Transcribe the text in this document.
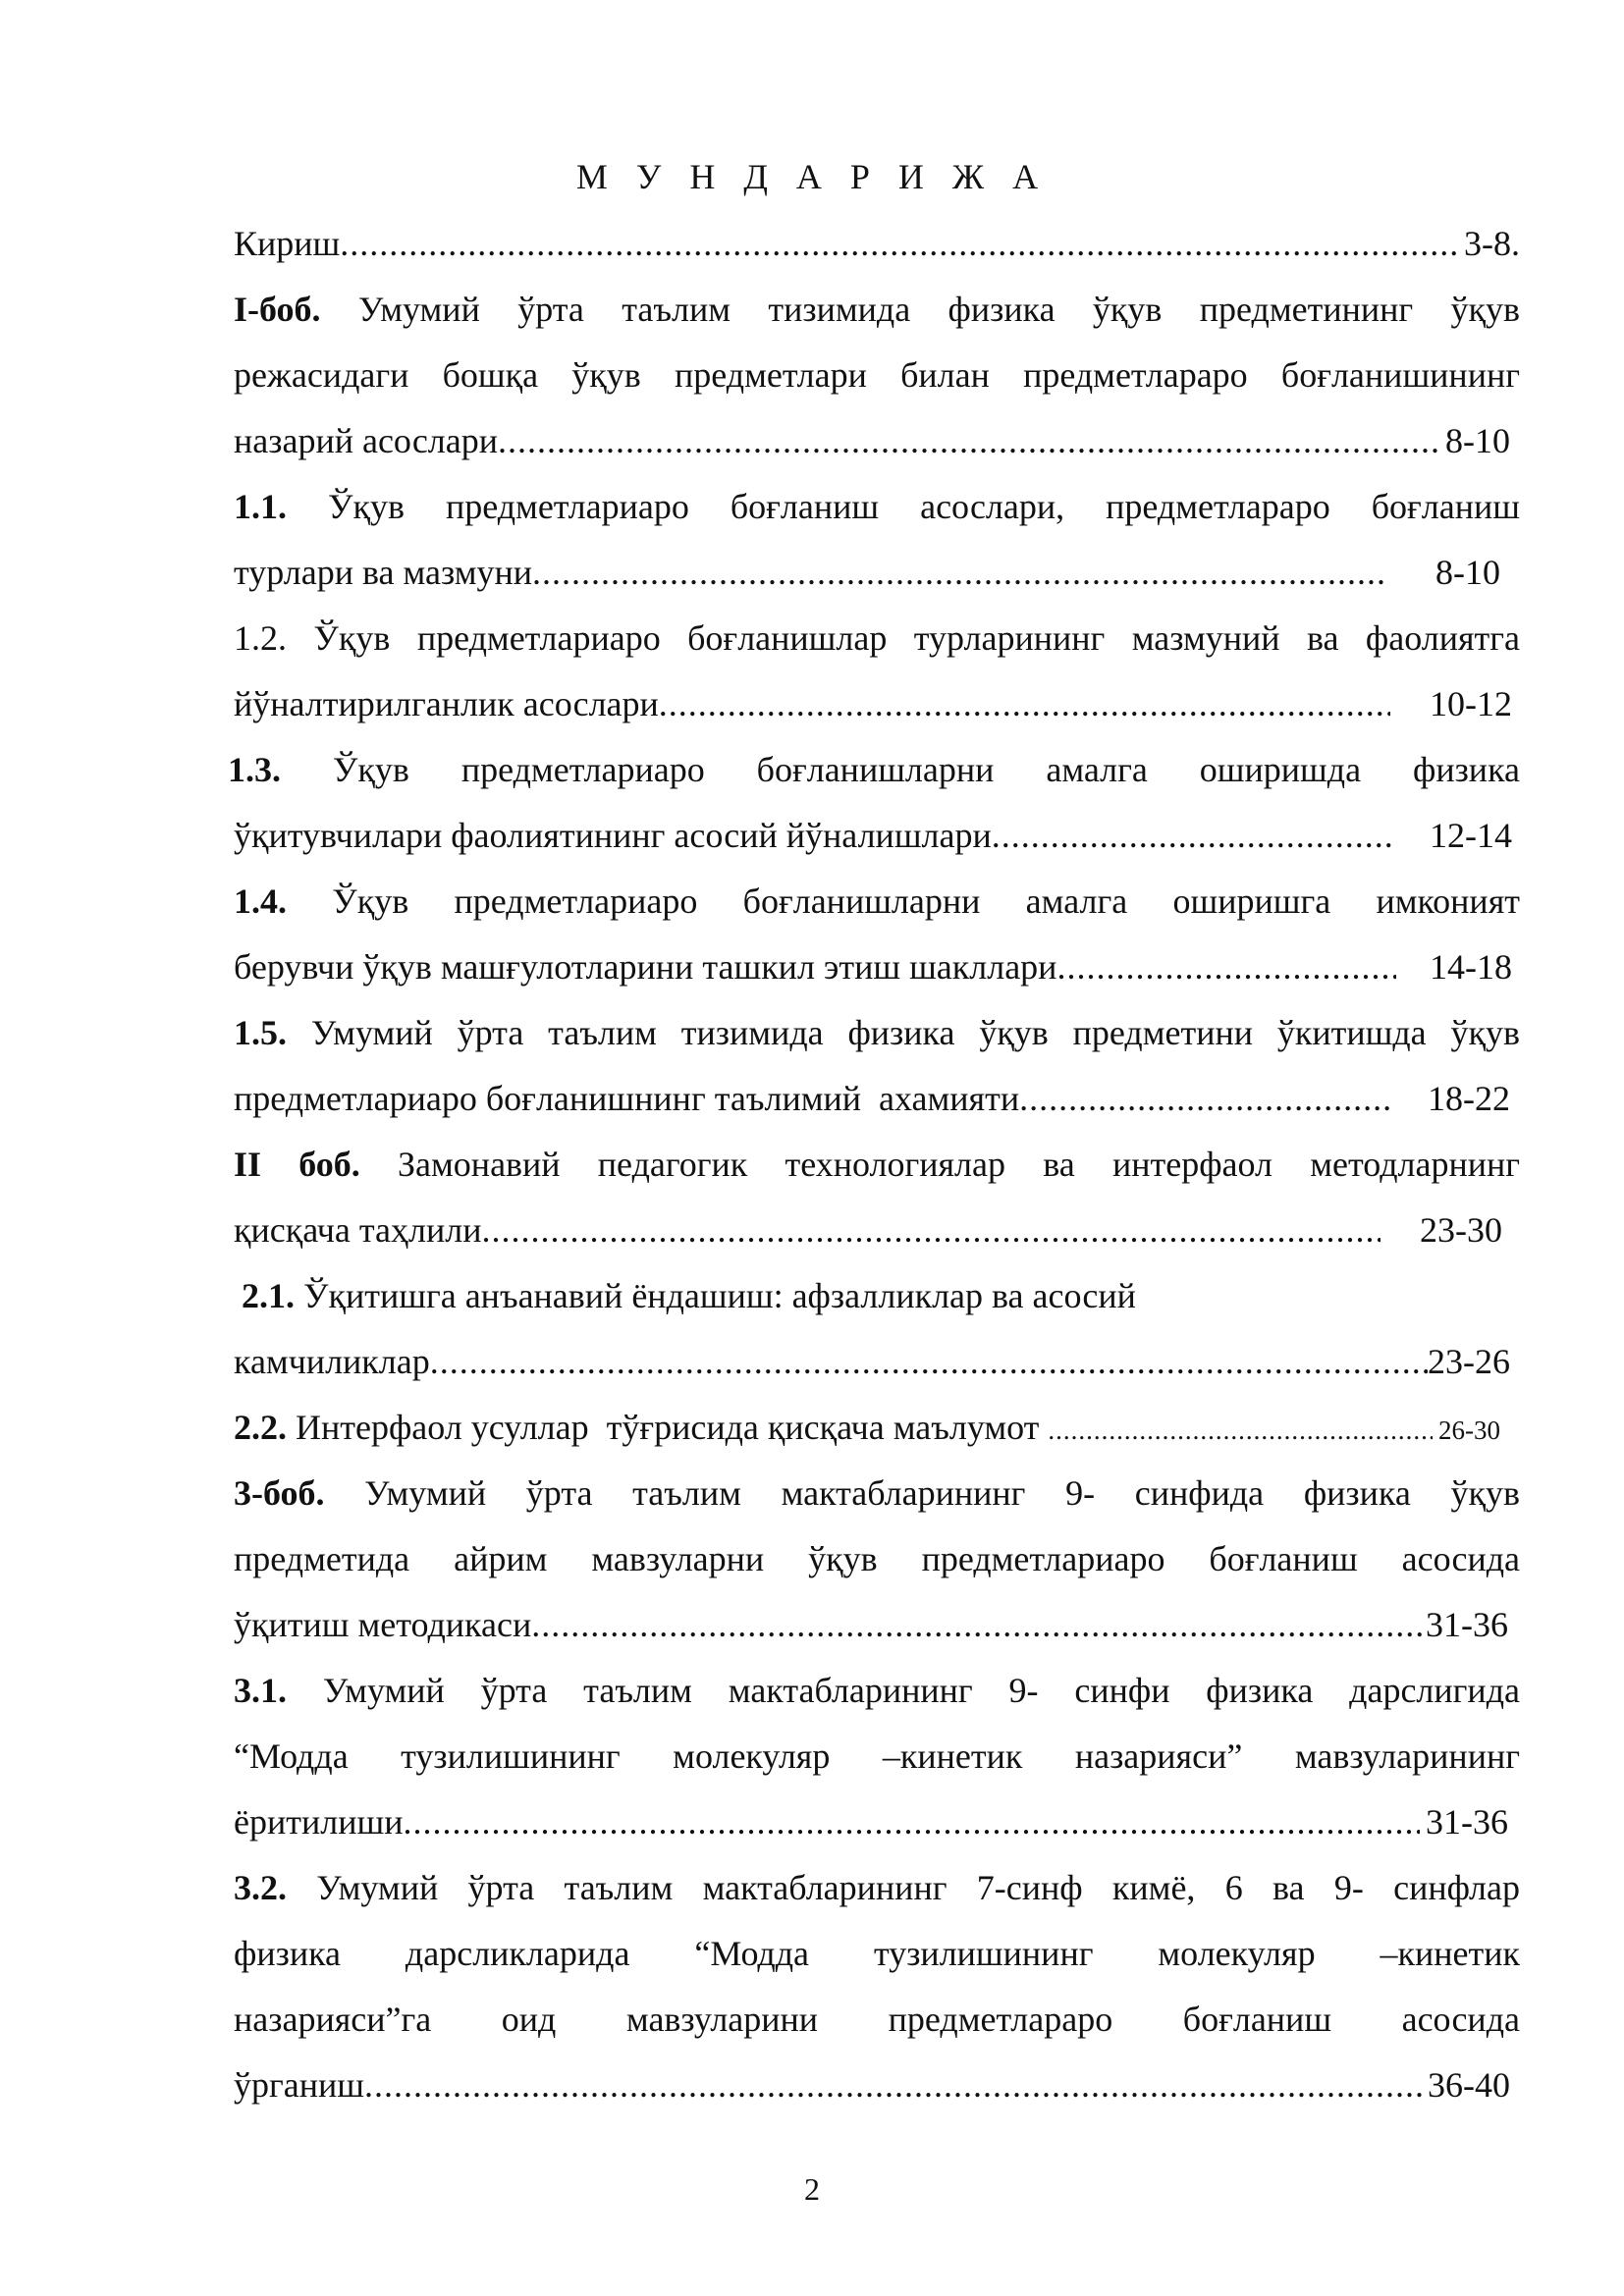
М У Н Д А Р И Ж А
Кириш .....	3-8.
I-боб. Умумий ўрта таълим тизимида физика ўқув предметининг ўқув
режасидаги бошқа ўқув предметлари билан предметлараро боғланишининг
назарий асослари .....	8-10
1.1. Ўқув предметлариаро боғланиш асослари, предметлараро боғланиш
турлари ва мазмуни .....	8-10
1.2. Ўқув предметлариаро боғланишлар турларининг мазмуний ва фаолиятга
йўналтирилганлик асослари .....	10-12
1.3. Ўқув предметлариаро боғланишларни амалга оширишда физика
ўқитувчилари фаолиятининг асосий йўналишлари .....	12-14
1.4. Ўқув предметлариаро боғланишларни амалга оширишга имконият
берувчи ўқув машғулотларини ташкил этиш шакллари .....	14-18
1.5. Умумий ўрта таълим тизимида физика ўқув предметини ўкитишда ўқув
предметлариаро боғланишнинг таълимий  ахамияти .....	18-22
II боб. Замонавий педагогик технологиялар ва интерфаол методларнинг
қисқача таҳлили .....	23-30
2.1. Ўқитишга анъанавий ёндашиш: афзалликлар ва асосий
камчиликлар .....	23-26
2.2. Интерфаол усуллар  тўғрисида қисқача маълумот .....	26-30
3-боб. Умумий ўрта таълим мактабларининг 9- синфида физика ўқув
предметида айрим мавзуларни ўқув предметлариаро боғланиш асосида
ўқитиш методикаси .....	31-36
3.1. Умумий ўрта таълим мактабларининг 9- синфи физика дарслигида
“Модда тузилишининг молекуляр –кинетик назарияси” мавзуларининг
ёритилиши .....	31-36
3.2. Умумий ўрта таълим мактабларининг 7-синф кимё, 6 ва 9- синфлар
физика дарсликларида “Модда тузилишининг молекуляр –кинетик
назарияси”га оид мавзуларини предметлараро боғланиш асосида
ўрганиш .....	36-40
2
